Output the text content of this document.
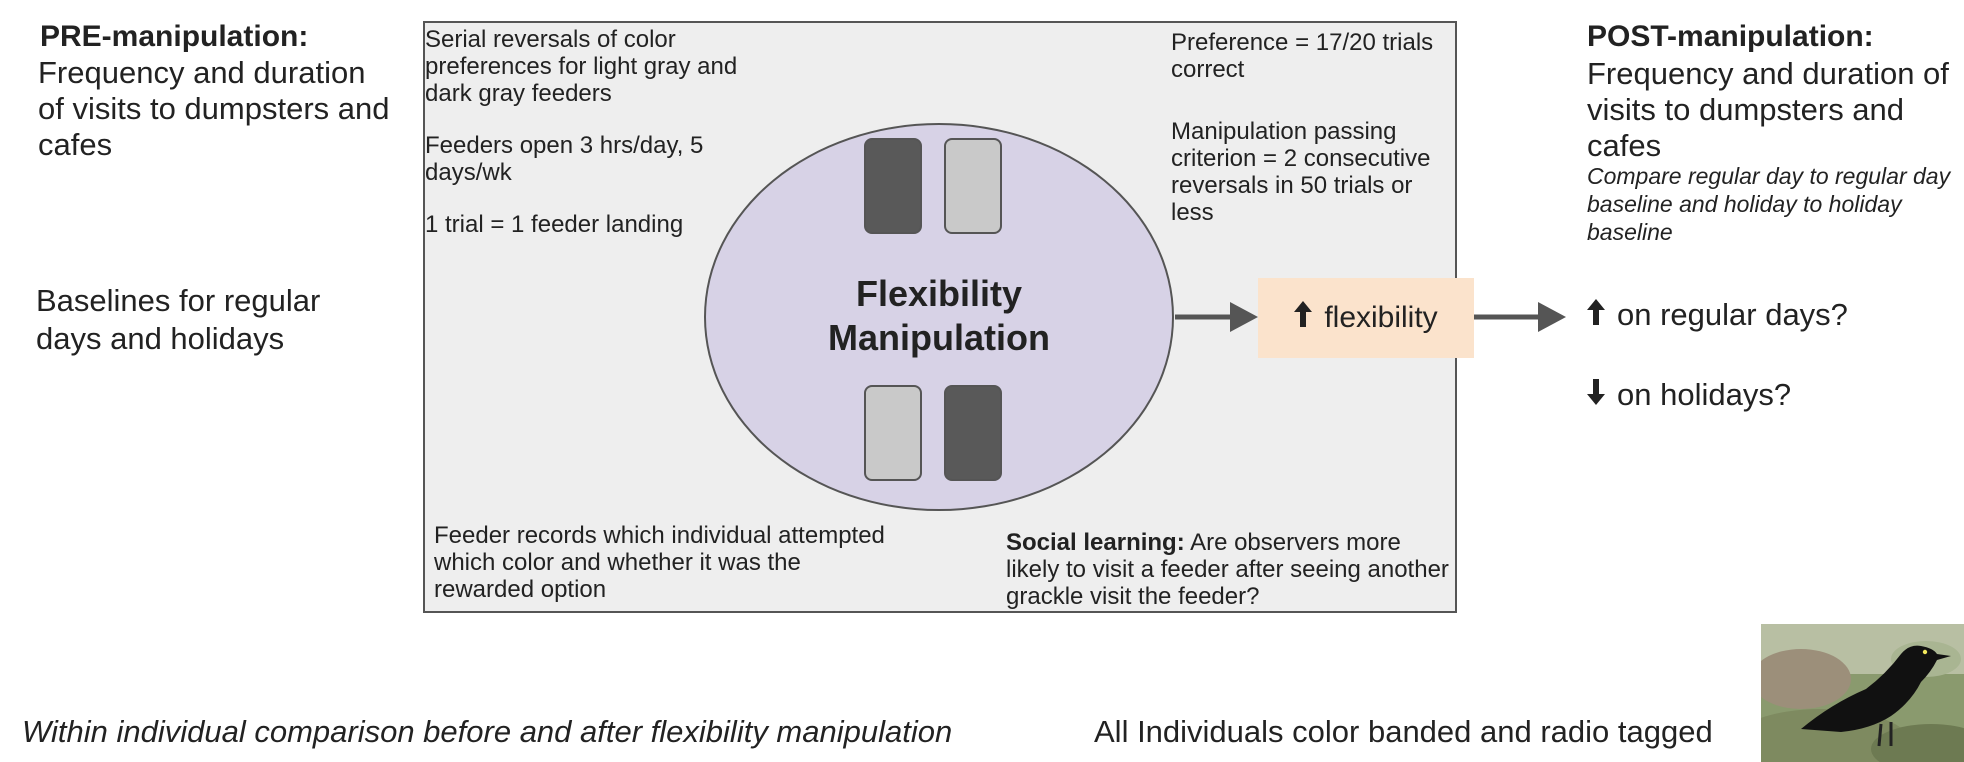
PRE-manipulation:
Frequency and duration of visits to dumpsters and cafes
Baselines for regular days and holidays
Serial reversals of color preferences for light gray and dark gray feeders
Feeders open 3 hrs/day, 5 days/wk
1 trial = 1 feeder landing
Preference = 17/20 trials correct
Manipulation passing criterion = 2 consecutive reversals in 50 trials or less
Feeder records which individual attempted which color and whether it was the rewarded option
Social learning: Are observers more likely to visit a feeder after seeing another grackle visit the feeder?
Flexibility
Manipulation	flexibility
POST-manipulation:
Frequency and duration of visits to dumpsters and cafes
Compare regular day to regular day baseline and holiday to holiday baseline
on regular days?
on holidays?
Within individual comparison before and after flexibility manipulation	All Individuals color banded and radio tagged
